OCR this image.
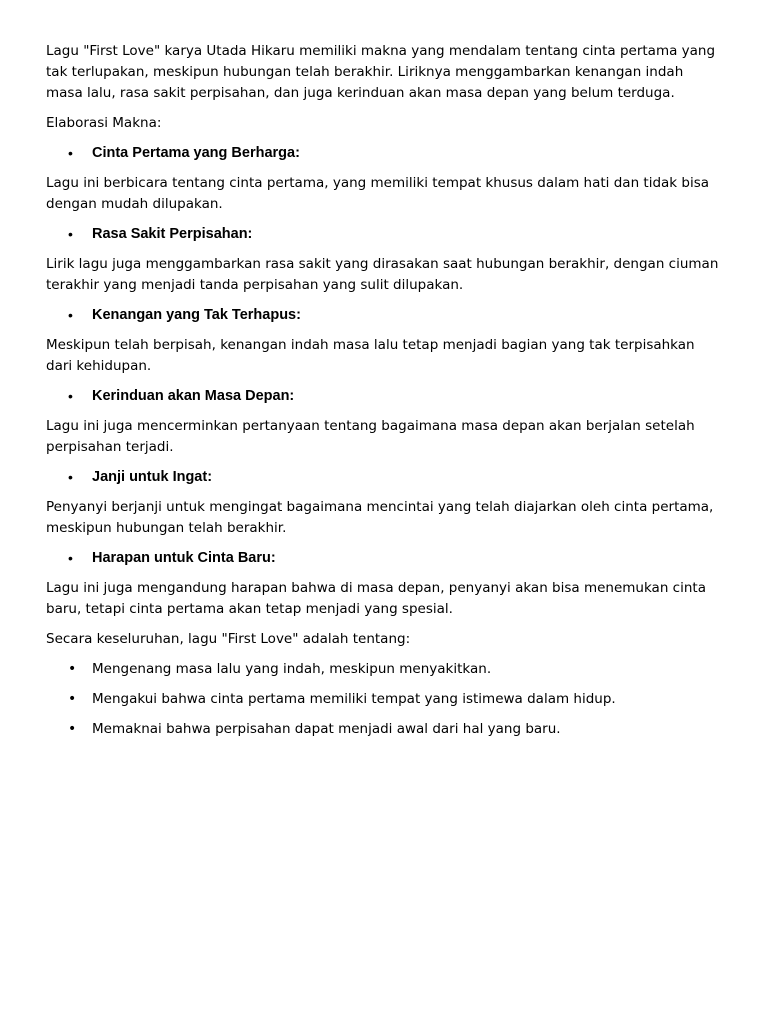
Lagu "First Love" karya Utada Hikaru memiliki makna yang mendalam tentang cinta pertama yang tak terlupakan, meskipun hubungan telah berakhir. Liriknya menggambarkan kenangan indah masa lalu, rasa sakit perpisahan, dan juga kerinduan akan masa depan yang belum terduga.

Elaborasi Makna:

• Cinta Pertama yang Berharga:

Lagu ini berbicara tentang cinta pertama, yang memiliki tempat khusus dalam hati dan tidak bisa dengan mudah dilupakan.

• Rasa Sakit Perpisahan:

Lirik lagu juga menggambarkan rasa sakit yang dirasakan saat hubungan berakhir, dengan ciuman terakhir yang menjadi tanda perpisahan yang sulit dilupakan.

• Kenangan yang Tak Terhapus:

Meskipun telah berpisah, kenangan indah masa lalu tetap menjadi bagian yang tak terpisahkan dari kehidupan.

• Kerinduan akan Masa Depan:

Lagu ini juga mencerminkan pertanyaan tentang bagaimana masa depan akan berjalan setelah perpisahan terjadi.

• Janji untuk Ingat:

Penyanyi berjanji untuk mengingat bagaimana mencintai yang telah diajarkan oleh cinta pertama, meskipun hubungan telah berakhir.

• Harapan untuk Cinta Baru:

Lagu ini juga mengandung harapan bahwa di masa depan, penyanyi akan bisa menemukan cinta baru, tetapi cinta pertama akan tetap menjadi yang spesial.

Secara keseluruhan, lagu "First Love" adalah tentang:

• Mengenang masa lalu yang indah, meskipun menyakitkan.
• Mengakui bahwa cinta pertama memiliki tempat yang istimewa dalam hidup.
• Memaknai bahwa perpisahan dapat menjadi awal dari hal yang baru.
